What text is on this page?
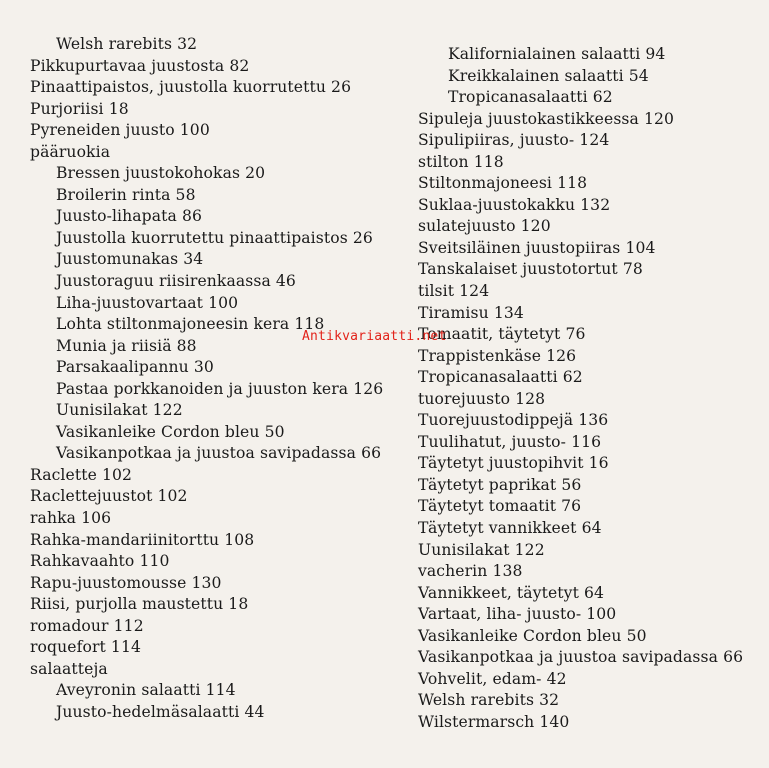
Welsh rarebits 32
Pikkupurtavaa juustosta 82
Pinaattipaistos, juustolla kuorrutettu 26
Purjoriisi 18
Pyreneiden juusto 100
pääruokia
Bressen juustokohokas 20
Broilerin rinta 58
Juusto-lihapata 86
Juustolla kuorrutettu pinaattipaistos 26
Juustomunakas 34
Juustoraguu riisirenkaassa 46
Liha-juustovartaat 100
Lohta stiltonmajoneesin kera 118
Munia ja riisiä 88
Parsakaalipannu 30
Pastaa porkkanoiden ja juuston kera 126
Uunisilakat 122
Vasikanleike Cordon bleu 50
Vasikanpotkaa ja juustoa savipadassa 66
Raclette 102
Raclettejuustot 102
rahka 106
Rahka-mandariinitorttu 108
Rahkavaahto 110
Rapu-juustomousse 130
Riisi, purjolla maustettu 18
romadour 112
roquefort 114
salaatteja
Aveyronin salaatti 114
Juusto-hedelmäsalaatti 44
Kalifornialainen salaatti 94
Kreikkalainen salaatti 54
Tropicanasalaatti 62
Sipuleja juustokastikkeessa 120
Sipulipiiras, juusto- 124
stilton 118
Stiltonmajoneesi 118
Suklaa-juustokakku 132
sulatejuusto 120
Sveitsiläinen juustopiiras 104
Tanskalaiset juustotortut 78
tilsit 124
Tiramisu 134
Tomaatit, täytetyt 76
Trappistenkäse 126
Tropicanasalaatti 62
tuorejuusto 128
Tuorejuustodippejä 136
Tuulihatut, juusto- 116
Täytetyt juustopihvit 16
Täytetyt paprikat 56
Täytetyt tomaatit 76
Täytetyt vannikkeet 64
Uunisilakat 122
vacherin 138
Vannikkeet, täytetyt 64
Vartaat, liha- juusto- 100
Vasikanleike Cordon bleu 50
Vasikanpotkaa ja juustoa savipadassa 66
Vohvelit, edam- 42
Welsh rarebits 32
Wilstermarsch 140
Antikvariaatti.net
